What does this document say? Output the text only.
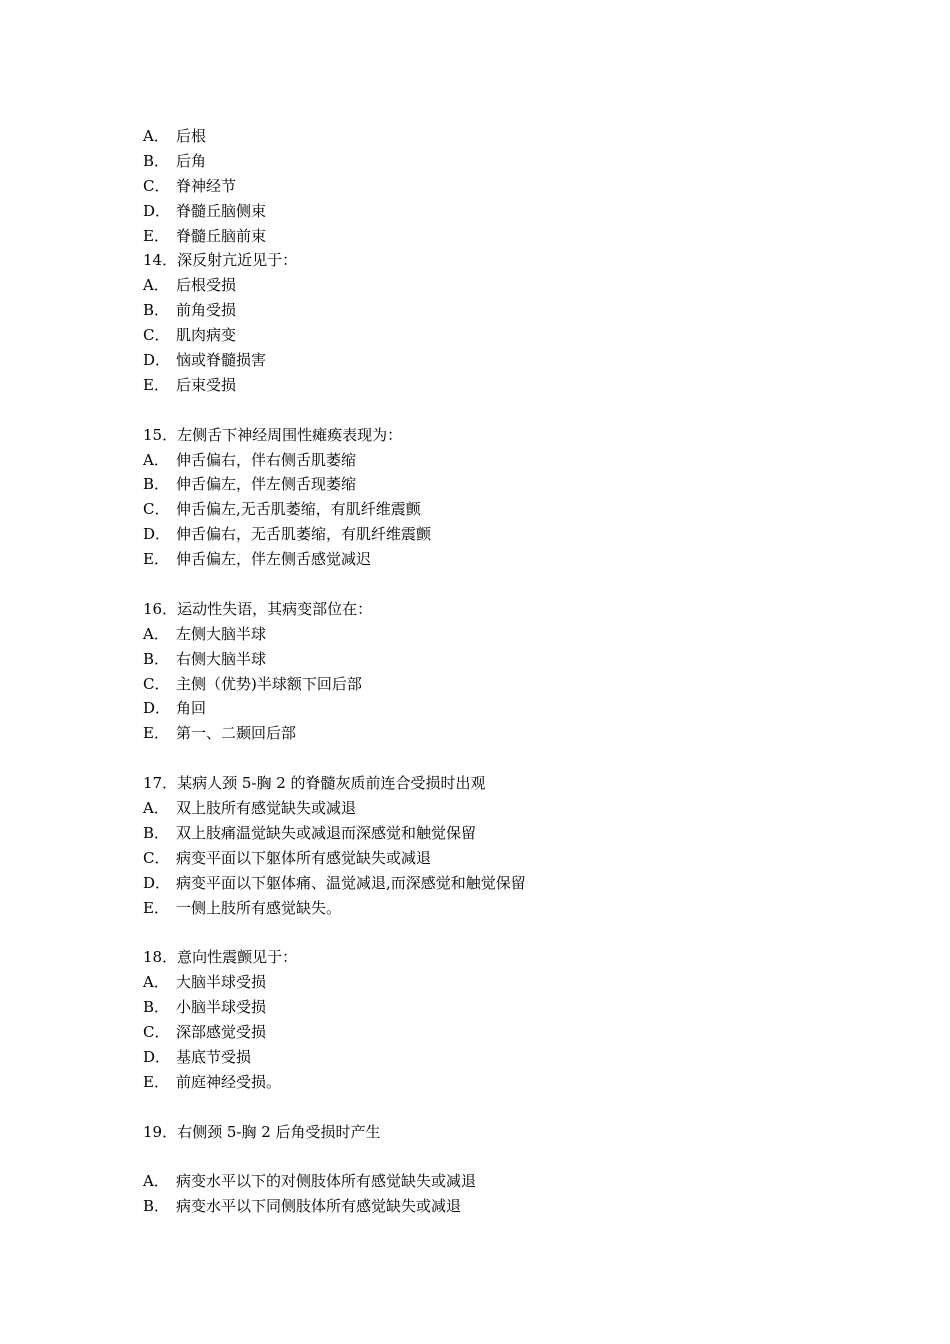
A． 后根
B． 后角
C． 脊神经节
D． 脊髓丘脑侧束
E． 脊髓丘脑前束
14．深反射亢近见于：
A． 后根受损
B． 前角受损
C． 肌肉病变
D． 恼或脊髓损害
E． 后束受损
15．左侧舌下神经周围性瘫痪表现为：
A． 伸舌偏右，伴右侧舌肌萎缩
B． 伸舌偏左，伴左侧舌现萎缩
C． 伸舌偏左,无舌肌萎缩，有肌纤维震颤
D． 伸舌偏右，无舌肌萎缩，有肌纤维震颤
E． 伸舌偏左，伴左侧舌感觉减迟
16．运动性失语，其病变部位在：
A． 左侧大脑半球
B． 右侧大脑半球
C． 主侧（优势)半球额下回后部
D． 角回
E． 第一、二颞回后部
17．某病人颈 5-胸 2 的脊髓灰质前连合受损时出观
A． 双上肢所有感觉缺失或减退
B． 双上肢痛温觉缺失或减退而深感觉和触觉保留
C． 病变平面以下躯体所有感觉缺失或减退
D． 病变平面以下躯体痛、温觉减退,而深感觉和触觉保留
E． 一侧上肢所有感觉缺失。
18．意向性震颤见于：
A． 大脑半球受损
B． 小脑半球受损
C． 深部感觉受损
D． 基底节受损
E． 前庭神经受损。
19．右侧颈 5-胸 2 后角受损时产生
A． 病变水平以下的对侧肢体所有感觉缺失或减退
B． 病变水平以下同侧肢体所有感觉缺失或减退
